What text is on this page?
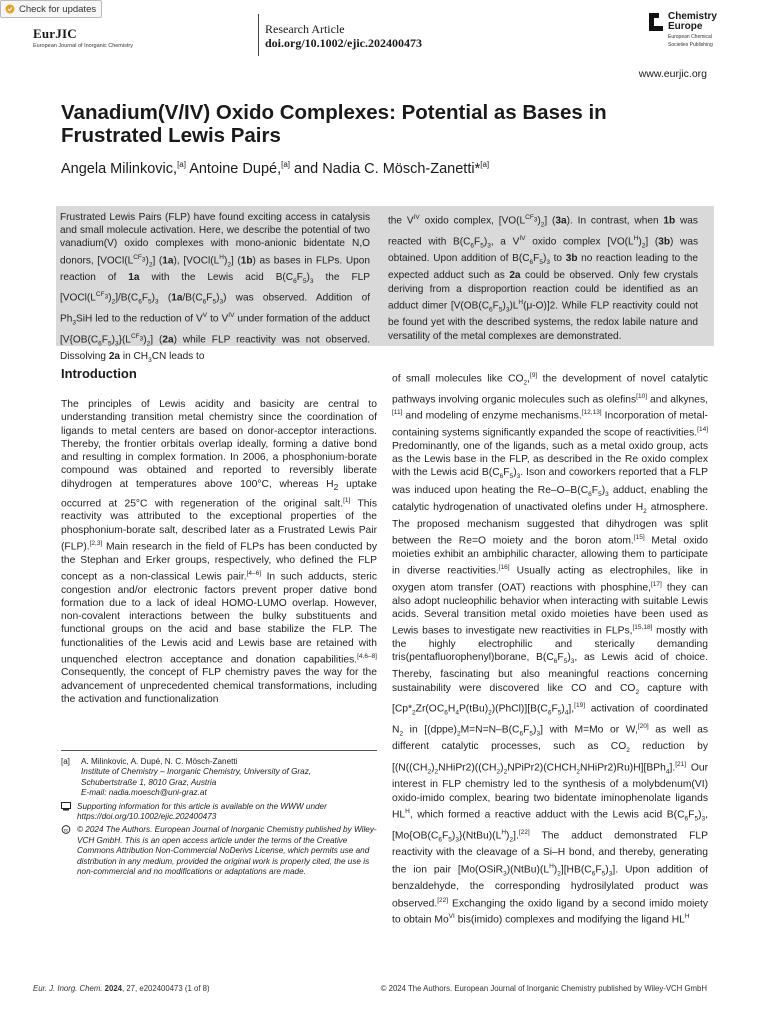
Check for updates
EurJIC
European Journal of Inorganic Chemistry
Research Article
doi.org/10.1002/ejic.202400473
Chemistry
Europe
European Chemical
Societies Publishing
www.eurjic.org
Vanadium(V/IV) Oxido Complexes: Potential as Bases in Frustrated Lewis Pairs
Angela Milinkovic,[a] Antoine Dupé,[a] and Nadia C. Mösch-Zanetti*[a]
Frustrated Lewis Pairs (FLP) have found exciting access in catalysis and small molecule activation. Here, we describe the potential of two vanadium(V) oxido complexes with mono-anionic bidentate N,O donors, $[VOCl(L^{CF_3})_2]$ (1a), $[VOCl(L^H)_2]$ (1b) as bases in FLPs. Upon reaction of 1a with the Lewis acid $B(C_6F_5)_3$ the FLP $[VOCl(L^{CF_3})_2]/B(C_6F_5)_3$ $(1a/B(C_6F_5)_3)$ was observed. Addition of $Ph_3SiH$ led to the reduction of $V^V$ to $V^{IV}$ under formation of the adduct $[V\{OB(C_6F_5)_3\}(L^{CF_3})_2]$ (2a) while FLP reactivity was not observed. Dissolving 2a in $CH_3CN$ leads to
the $V^{IV}$ oxido complex, $[VO(L^{CF_3})_2]$ (3a). In contrast, when 1b was reacted with $B(C_6F_5)_3$, a $V^{IV}$ oxido complex $[VO(L^H)_2]$ (3b) was obtained. Upon addition of $B(C_6F_5)_3$ to 3b no reaction leading to the expected adduct such as 2a could be observed. Only few crystals deriving from a disproportion reaction could be identified as an adduct dimer $[V(OB(C_6F_5)_3)L^H(\mu-O)]2$. While FLP reactivity could not be found yet with the described systems, the redox labile nature and versatility of the metal complexes are demonstrated.
Introduction
The principles of Lewis acidity and basicity are central to understanding transition metal chemistry since the coordination of ligands to metal centers are based on donor-acceptor interactions. Thereby, the frontier orbitals overlap ideally, forming a dative bond and resulting in complex formation. In 2006, a phosphonium-borate compound was obtained and reported to reversibly liberate dihydrogen at temperatures above 100°C, whereas $H_2$ uptake occurred at 25°C with regeneration of the original salt.[1] This reactivity was attributed to the exceptional properties of the phosphonium-borate salt, described later as a Frustrated Lewis Pair (FLP).[2,3] Main research in the field of FLPs has been conducted by the Stephan and Erker groups, respectively, who defined the FLP concept as a non-classical Lewis pair.[4–6] In such adducts, steric congestion and/or electronic factors prevent proper dative bond formation due to a lack of ideal HOMO-LUMO overlap. However, non-covalent interactions between the bulky substituents and functional groups on the acid and base stabilize the FLP. The functionalities of the Lewis acid and Lewis base are retained with unquenched electron acceptance and donation capabilities.[4,6–8] Consequently, the concept of FLP chemistry paves the way for the advancement of unprecedented chemical transformations, including the activation and functionalization
of small molecules like $CO_2,[9]$ the development of novel catalytic pathways involving organic molecules such as olefins[10] and alkynes,[11] and modeling of enzyme mechanisms.[12,13] Incorporation of metal-containing systems significantly expanded the scope of reactivities.[14] Predominantly, one of the ligands, such as a metal oxido group, acts as the Lewis base in the FLP, as described in the Re oxido complex with the Lewis acid $B(C_6F_5)_3$. Ison and coworkers reported that a FLP was induced upon heating the $Re-O-B(C_6F_5)_3$ adduct, enabling the catalytic hydrogenation of unactivated olefins under $H_2$ atmosphere. The proposed mechanism suggested that dihydrogen was split between the Re=O moiety and the boron atom.[15] Metal oxido moieties exhibit an ambiphilic character, allowing them to participate in diverse reactivities.[16] Usually acting as electrophiles, like in oxygen atom transfer (OAT) reactions with phosphine,[17] they can also adopt nucleophilic behavior when interacting with suitable Lewis acids. Several transition metal oxido moieties have been used as Lewis bases to investigate new reactivities in FLPs,[15,18] mostly with the highly electrophilic and sterically demanding tris(pentafluorophenyl)borane, $B(C_6F_5)_3$, as Lewis acid of choice. Thereby, fascinating but also meaningful reactions concerning sustainability were discovered like CO and $CO_2$ capture with $[Cp*_2Zr(OC_6H_4P(tBu)_2)(PhCl)][B(C_6F_5)_4],[19]$ activation of coordinated $N_2$ in $[(dppe)_2M=N=N-B(C_6F_5)_3]$ with M=Mo or W,[20] as well as different catalytic processes, such as $CO_2$ reduction by $[(N((CH_2)_2NHiPr2)((CH_2)_2NPiPr2)(CHCH_2NHiPr2)Ru)H][BPh_4].[21]$ Our interest in FLP chemistry led to the synthesis of a molybdenum(VI) oxido-imido complex, bearing two bidentate iminophenolate ligands $HL^H$, which formed a reactive adduct with the Lewis acid $B(C_6F_5)_3$, $[Mo\{OB(C_6F_5)_3\}(NtBu)(L^H)_2].[22]$ The adduct demonstrated FLP reactivity with the cleavage of a Si–H bond, and thereby, generating the ion pair $[Mo(OSiR_3)(NtBu)(L^H)_2][HB(C_6F_5)_3]$. Upon addition of benzaldehyde, the corresponding hydrosilylated product was observed.[22] Exchanging the oxido ligand by a second imido moiety to obtain $Mo^{VI}$ bis(imido) complexes and modifying the ligand $HL^H$
[a]	A. Milinkovic, A. Dupé, N. C. Mösch-Zanetti
Institute of Chemistry – Inorganic Chemistry, University of Graz,
Schubertstraße 1, 8010 Graz, Austria
E-mail: nadia.moesch@uni-graz.at
Supporting information for this article is available on the WWW under https://doi.org/10.1002/ejic.202400473
cc © 2024 The Authors. European Journal of Inorganic Chemistry published by Wiley-VCH GmbH. This is an open access article under the terms of the Creative Commons Attribution Non-Commercial NoDerivs License, which permits use and distribution in any medium, provided the original work is properly cited, the use is non-commercial and no modifications or adaptations are made.
Eur. J. Inorg. Chem. 2024, 27, e202400473 (1 of 8)	© 2024 The Authors. European Journal of Inorganic Chemistry published by Wiley-VCH GmbH
